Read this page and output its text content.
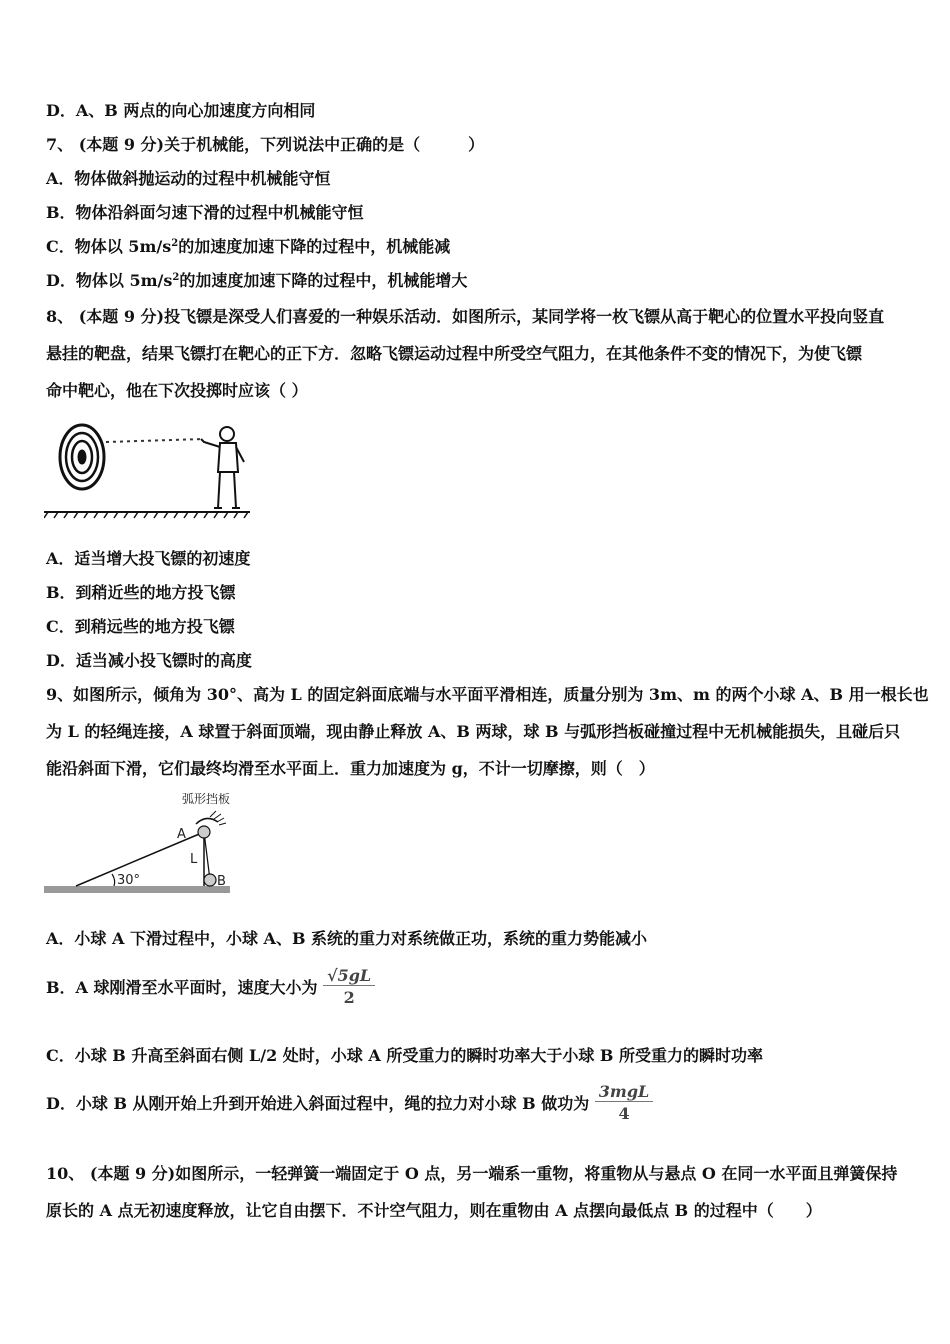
D．A、B 两点的向心加速度方向相同
7、 (本题 9 分)关于机械能，下列说法中正确的是（　　　）
A．物体做斜抛运动的过程中机械能守恒
B．物体沿斜面匀速下滑的过程中机械能守恒
C．物体以 $5m/s^2$的加速度加速下降的过程中，机械能减
D．物体以 $5m/s^2$的加速度加速下降的过程中，机械能增大
8、 (本题 9 分)投飞镖是深受人们喜爱的一种娱乐活动．如图所示，某同学将一枚飞镖从高于靶心的位置水平投向竖直
悬挂的靶盘，结果飞镖打在靶心的正下方．忽略飞镖运动过程中所受空气阻力，在其他条件不变的情况下，为使飞镖
命中靶心，他在下次投掷时应该（ ）
A．适当增大投飞镖的初速度
B．到稍近些的地方投飞镖
C．到稍远些的地方投飞镖
D．适当减小投飞镖时的高度
9、如图所示，倾角为 30°、高为 L 的固定斜面底端与水平面平滑相连，质量分别为 3m、m 的两个小球 A、B 用一根长也
为 L 的轻绳连接，A 球置于斜面顶端，现由静止释放 A、B 两球，球 B 与弧形挡板碰撞过程中无机械能损失，且碰后只
能沿斜面下滑，它们最终均滑至水平面上．重力加速度为 g，不计一切摩擦，则（　）
弧形挡板
30°
A
L
B
A．小球 A 下滑过程中，小球 A、B 系统的重力对系统做正功，系统的重力势能减小
B．A 球刚滑至水平面时，速度大小为 $\frac{√5gL}{2}$
C．小球 B 升高至斜面右侧 L/2 处时，小球 A 所受重力的瞬时功率大于小球 B 所受重力的瞬时功率
D．小球 B 从刚开始上升到开始进入斜面过程中，绳的拉力对小球 B 做功为 $\frac{\text{3mgL}}{4}$
10、 (本题 9 分)如图所示，一轻弹簧一端固定于 O 点，另一端系一重物，将重物从与悬点 O 在同一水平面且弹簧保持
原长的 A 点无初速度释放，让它自由摆下．不计空气阻力，则在重物由 A 点摆向最低点 B 的过程中（　　）
